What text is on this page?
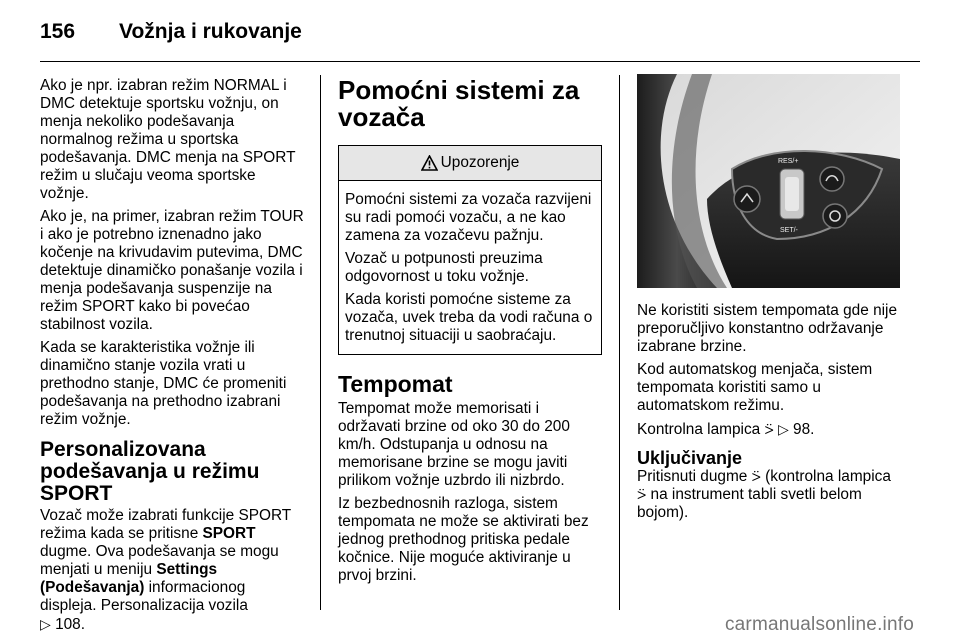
156 Vožnja i rukovanje

Ako je npr. izabran režim NORMAL i DMC detektuje sportsku vožnju, on menja nekoliko podešavanja normalnog režima u sportska podešavanja. DMC menja na SPORT režim u slučaju veoma sportske vožnje.

Ako je, na primer, izabran režim TOUR i ako je potrebno iznenadno jako kočenje na krivudavim putevima, DMC detektuje dinamičko ponašanje vozila i menja podešavanja suspenzije na režim SPORT kako bi povećao stabilnost vozila.

Kada se karakteristika vožnje ili dinamično stanje vozila vrati u prethodno stanje, DMC će promeniti podešavanja na prethodno izabrani režim vožnje.

Personalizovana podešavanja u režimu SPORT

Vozač može izabrati funkcije SPORT režima kada se pritisne SPORT dugme. Ova podešavanja se mogu menjati u meniju Settings (Podešavanja) informacionog displeja. Personalizacija vozila
▷ 108.

Pomoćni sistemi za vozača
Upozorenje

Pomoćni sistemi za vozača razvijeni su radi pomoći vozaču, a ne kao zamena za vozačevu pažnju.

Vozač u potpunosti preuzima odgovornost u toku vožnje.

Kada koristi pomoćne sisteme za vozača, uvek treba da vodi računa o trenutnoj situaciji u saobraćaju.

Tempomat

Tempomat može memorisati i održavati brzine od oko 30 do 200 km/h. Odstupanja u odnosu na memorisane brzine se mogu javiti prilikom vožnje uzbrdo ili nizbrdo.

Iz bezbednosnih razloga, sistem tempomata ne može se aktivirati bez jednog prethodnog pritiska pedale kočnice. Nije moguće aktiviranje u prvoj brzini.

RES/+
SET/-

Ne koristiti sistem tempomata gde nije preporučljivo konstantno održavanje izabrane brzine.

Kod automatskog menjača, sistem tempomata koristiti samo u automatskom režimu.

Kontrolna lampica ⍩ ▷ 98.

Uključivanje

Pritisnuti dugme ⍩ (kontrolna lampica ⍩ na instrument tabli svetli belom bojom).

carmanualsonline.info
